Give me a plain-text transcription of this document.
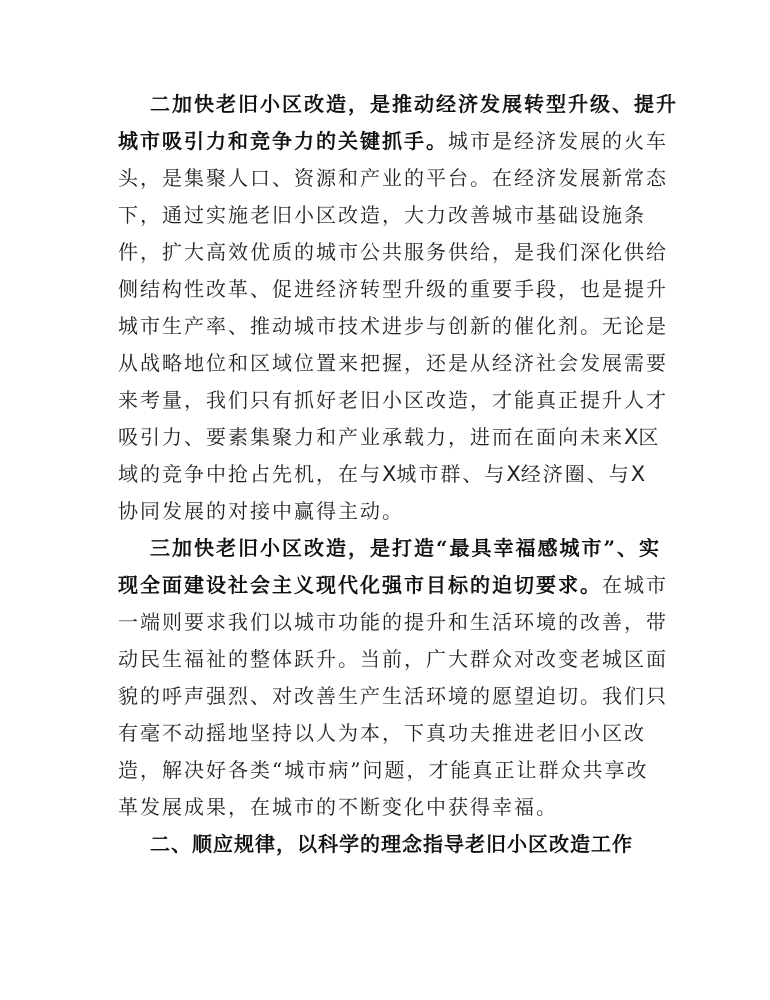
二加快老旧小区改造，是推动经济发展转型升级、提升
城市吸引力和竞争力的关键抓手。城市是经济发展的火车
头，是集聚人口、资源和产业的平台。在经济发展新常态
下，通过实施老旧小区改造，大力改善城市基础设施条
件，扩大高效优质的城市公共服务供给，是我们深化供给
侧结构性改革、促进经济转型升级的重要手段，也是提升
城市生产率、推动城市技术进步与创新的催化剂。无论是
从战略地位和区域位置来把握，还是从经济社会发展需要
来考量，我们只有抓好老旧小区改造，才能真正提升人才
吸引力、要素集聚力和产业承载力，进而在面向未来X区
域的竞争中抢占先机，在与X城市群、与X经济圈、与X
协同发展的对接中赢得主动。
三加快老旧小区改造，是打造“最具幸福感城市”、实
现全面建设社会主义现代化强市目标的迫切要求。在城市
一端则要求我们以城市功能的提升和生活环境的改善，带
动民生福祉的整体跃升。当前，广大群众对改变老城区面
貌的呼声强烈、对改善生产生活环境的愿望迫切。我们只
有毫不动摇地坚持以人为本，下真功夫推进老旧小区改
造，解决好各类“城市病”问题，才能真正让群众共享改
革发展成果，在城市的不断变化中获得幸福。
二、顺应规律，以科学的理念指导老旧小区改造工作
